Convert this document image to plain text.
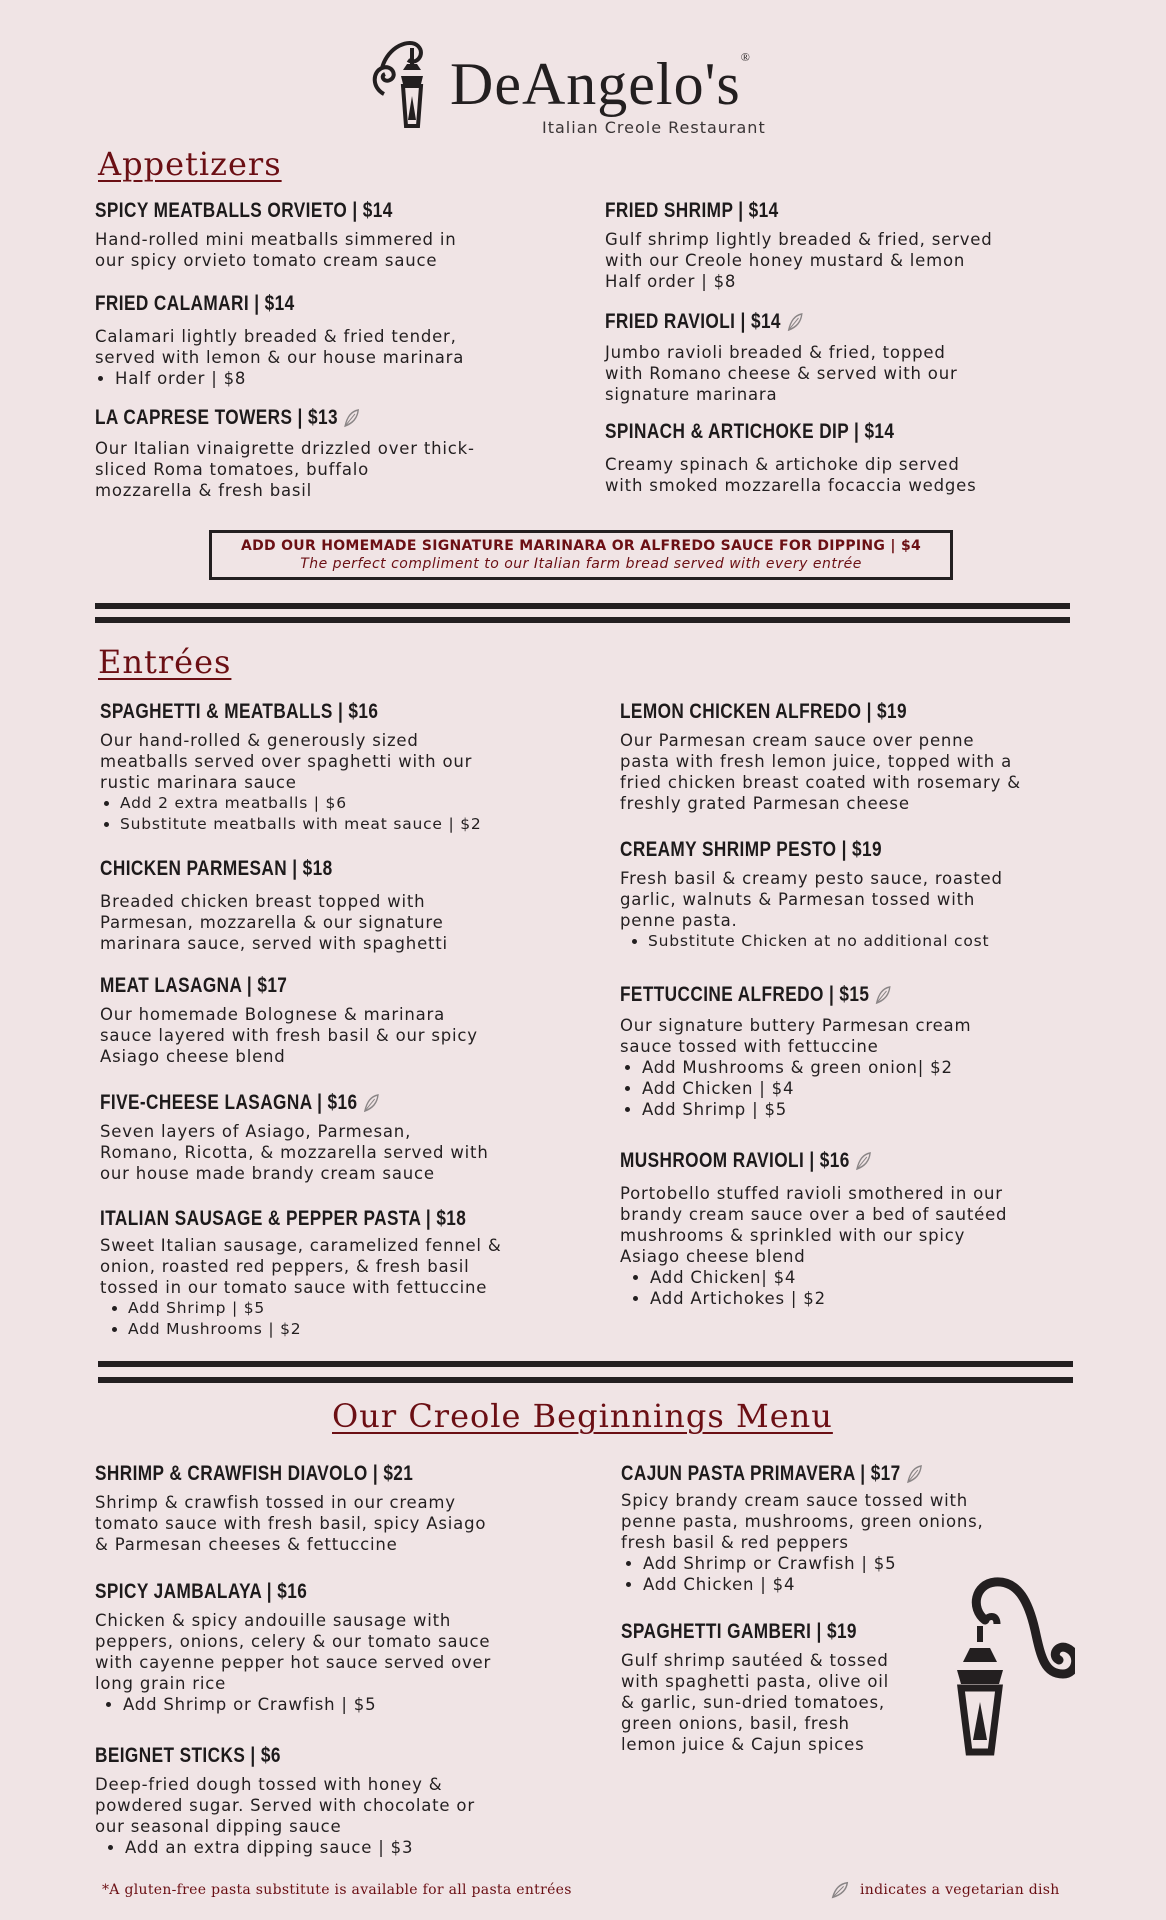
DeAngelo's®
Italian Creole Restaurant
Appetizers
SPICY MEATBALLS ORVIETO | $14

Hand-rolled mini meatballs simmered in

our spicy orvieto tomato cream sauce

FRIED CALAMARI | $14

Calamari lightly breaded & fried tender,

served with lemon & our house marinara

• Half order | $8
LA CAPRESE TOWERS | $13

Our Italian vinaigrette drizzled over thick-

sliced Roma tomatoes, buffalo

mozzarella & fresh basil

FRIED SHRIMP | $14

Gulf shrimp lightly breaded & fried, served

with our Creole honey mustard & lemon

Half order | $8

FRIED RAVIOLI | $14

Jumbo ravioli breaded & fried, topped

with Romano cheese & served with our

signature marinara

SPINACH & ARTICHOKE DIP | $14

Creamy spinach & artichoke dip served

with smoked mozzarella focaccia wedges

ADD OUR HOMEMADE SIGNATURE MARINARA OR ALFREDO SAUCE FOR DIPPING | $4
The perfect compliment to our Italian farm bread served with every entrée
Entrées
SPAGHETTI & MEATBALLS | $16

Our hand-rolled & generously sized

meatballs served over spaghetti with our

rustic marinara sauce

• Add 2 extra meatballs | $6
• Substitute meatballs with meat sauce | $2
CHICKEN PARMESAN | $18

Breaded chicken breast topped with

Parmesan, mozzarella & our signature

marinara sauce, served with spaghetti

MEAT LASAGNA | $17

Our homemade Bolognese & marinara

sauce layered with fresh basil & our spicy

Asiago cheese blend

FIVE-CHEESE LASAGNA | $16

Seven layers of Asiago, Parmesan,

Romano, Ricotta, & mozzarella served with

our house made brandy cream sauce

ITALIAN SAUSAGE & PEPPER PASTA | $18

Sweet Italian sausage, caramelized fennel &

onion, roasted red peppers, & fresh basil

tossed in our tomato sauce with fettuccine

• Add Shrimp | $5
• Add Mushrooms | $2
LEMON CHICKEN ALFREDO | $19

Our Parmesan cream sauce over penne

pasta with fresh lemon juice, topped with a

fried chicken breast coated with rosemary &

freshly grated Parmesan cheese

CREAMY SHRIMP PESTO | $19

Fresh basil & creamy pesto sauce, roasted

garlic, walnuts & Parmesan tossed with

penne pasta.

• Substitute Chicken at no additional cost
FETTUCCINE ALFREDO | $15

Our signature buttery Parmesan cream

sauce tossed with fettuccine

• Add Mushrooms & green onion| $2
• Add Chicken | $4
• Add Shrimp | $5
MUSHROOM RAVIOLI | $16

Portobello stuffed ravioli smothered in our

brandy cream sauce over a bed of sautéed

mushrooms & sprinkled with our spicy

Asiago cheese blend

• Add Chicken| $4
• Add Artichokes | $2
Our Creole Beginnings Menu
SHRIMP & CRAWFISH DIAVOLO | $21

Shrimp & crawfish tossed in our creamy

tomato sauce with fresh basil, spicy Asiago

& Parmesan cheeses & fettuccine

SPICY JAMBALAYA | $16

Chicken & spicy andouille sausage with

peppers, onions, celery & our tomato sauce

with cayenne pepper hot sauce served over

long grain rice

• Add Shrimp or Crawfish | $5
BEIGNET STICKS | $6

Deep-fried dough tossed with honey &

powdered sugar. Served with chocolate or

our seasonal dipping sauce

• Add an extra dipping sauce | $3
CAJUN PASTA PRIMAVERA | $17

Spicy brandy cream sauce tossed with

penne pasta, mushrooms, green onions,

fresh basil & red peppers

• Add Shrimp or Crawfish | $5
• Add Chicken | $4
SPAGHETTI GAMBERI | $19

Gulf shrimp sautéed & tossed

with spaghetti pasta, olive oil

& garlic, sun-dried tomatoes,

green onions, basil, fresh

lemon juice & Cajun spices

*A gluten-free pasta substitute is available for all pasta entrées	indicates a vegetarian dish
